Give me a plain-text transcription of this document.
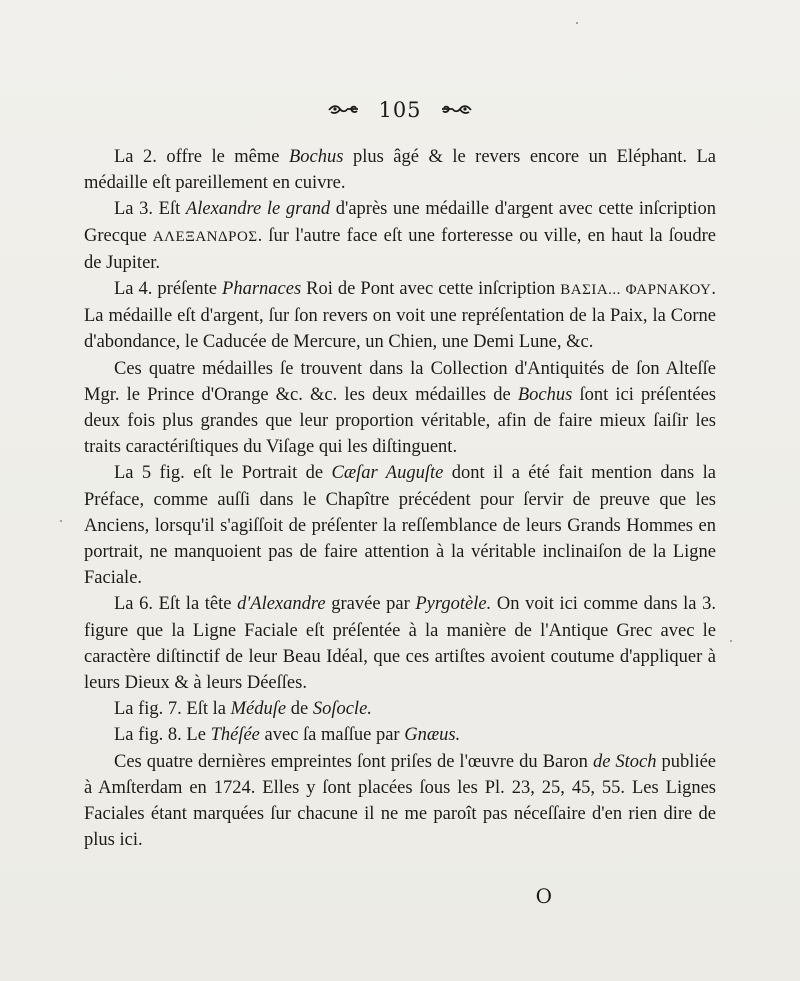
105

La 2. offre le même Bochus plus âgé & le revers encore un Eléphant. La médaille eſt pareillement en cuivre.

La 3. Eſt Alexandre le grand d'après une médaille d'argent avec cette inſcription Grecque ΑΛΕΞΑΝΔΡΟΣ. ſur l'autre face eſt une forteresse ou ville, en haut la ſoudre de Jupiter.

La 4. préſente Pharnaces Roi de Pont avec cette inſcription ΒΑΣΙΑ... ΦΑΡΝΑΚΟΥ. La médaille eſt d'argent, ſur ſon revers on voit une repréſentation de la Paix, la Corne d'abondance, le Caducée de Mercure, un Chien, une Demi Lune, &c.

Ces quatre médailles ſe trouvent dans la Collection d'Antiquités de ſon Alteſſe Mgr. le Prince d'Orange &c. &c. les deux médailles de Bochus ſont ici préſentées deux fois plus grandes que leur proportion véritable, afin de faire mieux ſaiſir les traits caractériſtiques du Viſage qui les diſtinguent.

La 5 fig. eſt le Portrait de Cæſar Auguſte dont il a été fait mention dans la Préface, comme auſſi dans le Chapître précédent pour ſervir de preuve que les Anciens, lorsqu'il s'agiſſoit de préſenter la reſſemblance de leurs Grands Hommes en portrait, ne manquoient pas de faire attention à la véritable inclinaiſon de la Ligne Faciale.

La 6. Eſt la tête d'Alexandre gravée par Pyrgotèle. On voit ici comme dans la 3. figure que la Ligne Faciale eſt préſentée à la manière de l'Antique Grec avec le caractère diſtinctif de leur Beau Idéal, que ces artiſtes avoient coutume d'appliquer à leurs Dieux & à leurs Déeſſes.

La fig. 7. Eſt la Méduſe de Soſocle.

La fig. 8. Le Théſée avec ſa maſſue par Gnæus.

Ces quatre dernières empreintes ſont priſes de l'œuvre du Baron de Stoch publiée à Amſterdam en 1724. Elles y ſont placées ſous les Pl. 23, 25, 45, 55. Les Lignes Faciales étant marquées ſur chacune il ne me paroît pas néceſſaire d'en rien dire de plus ici.

O
